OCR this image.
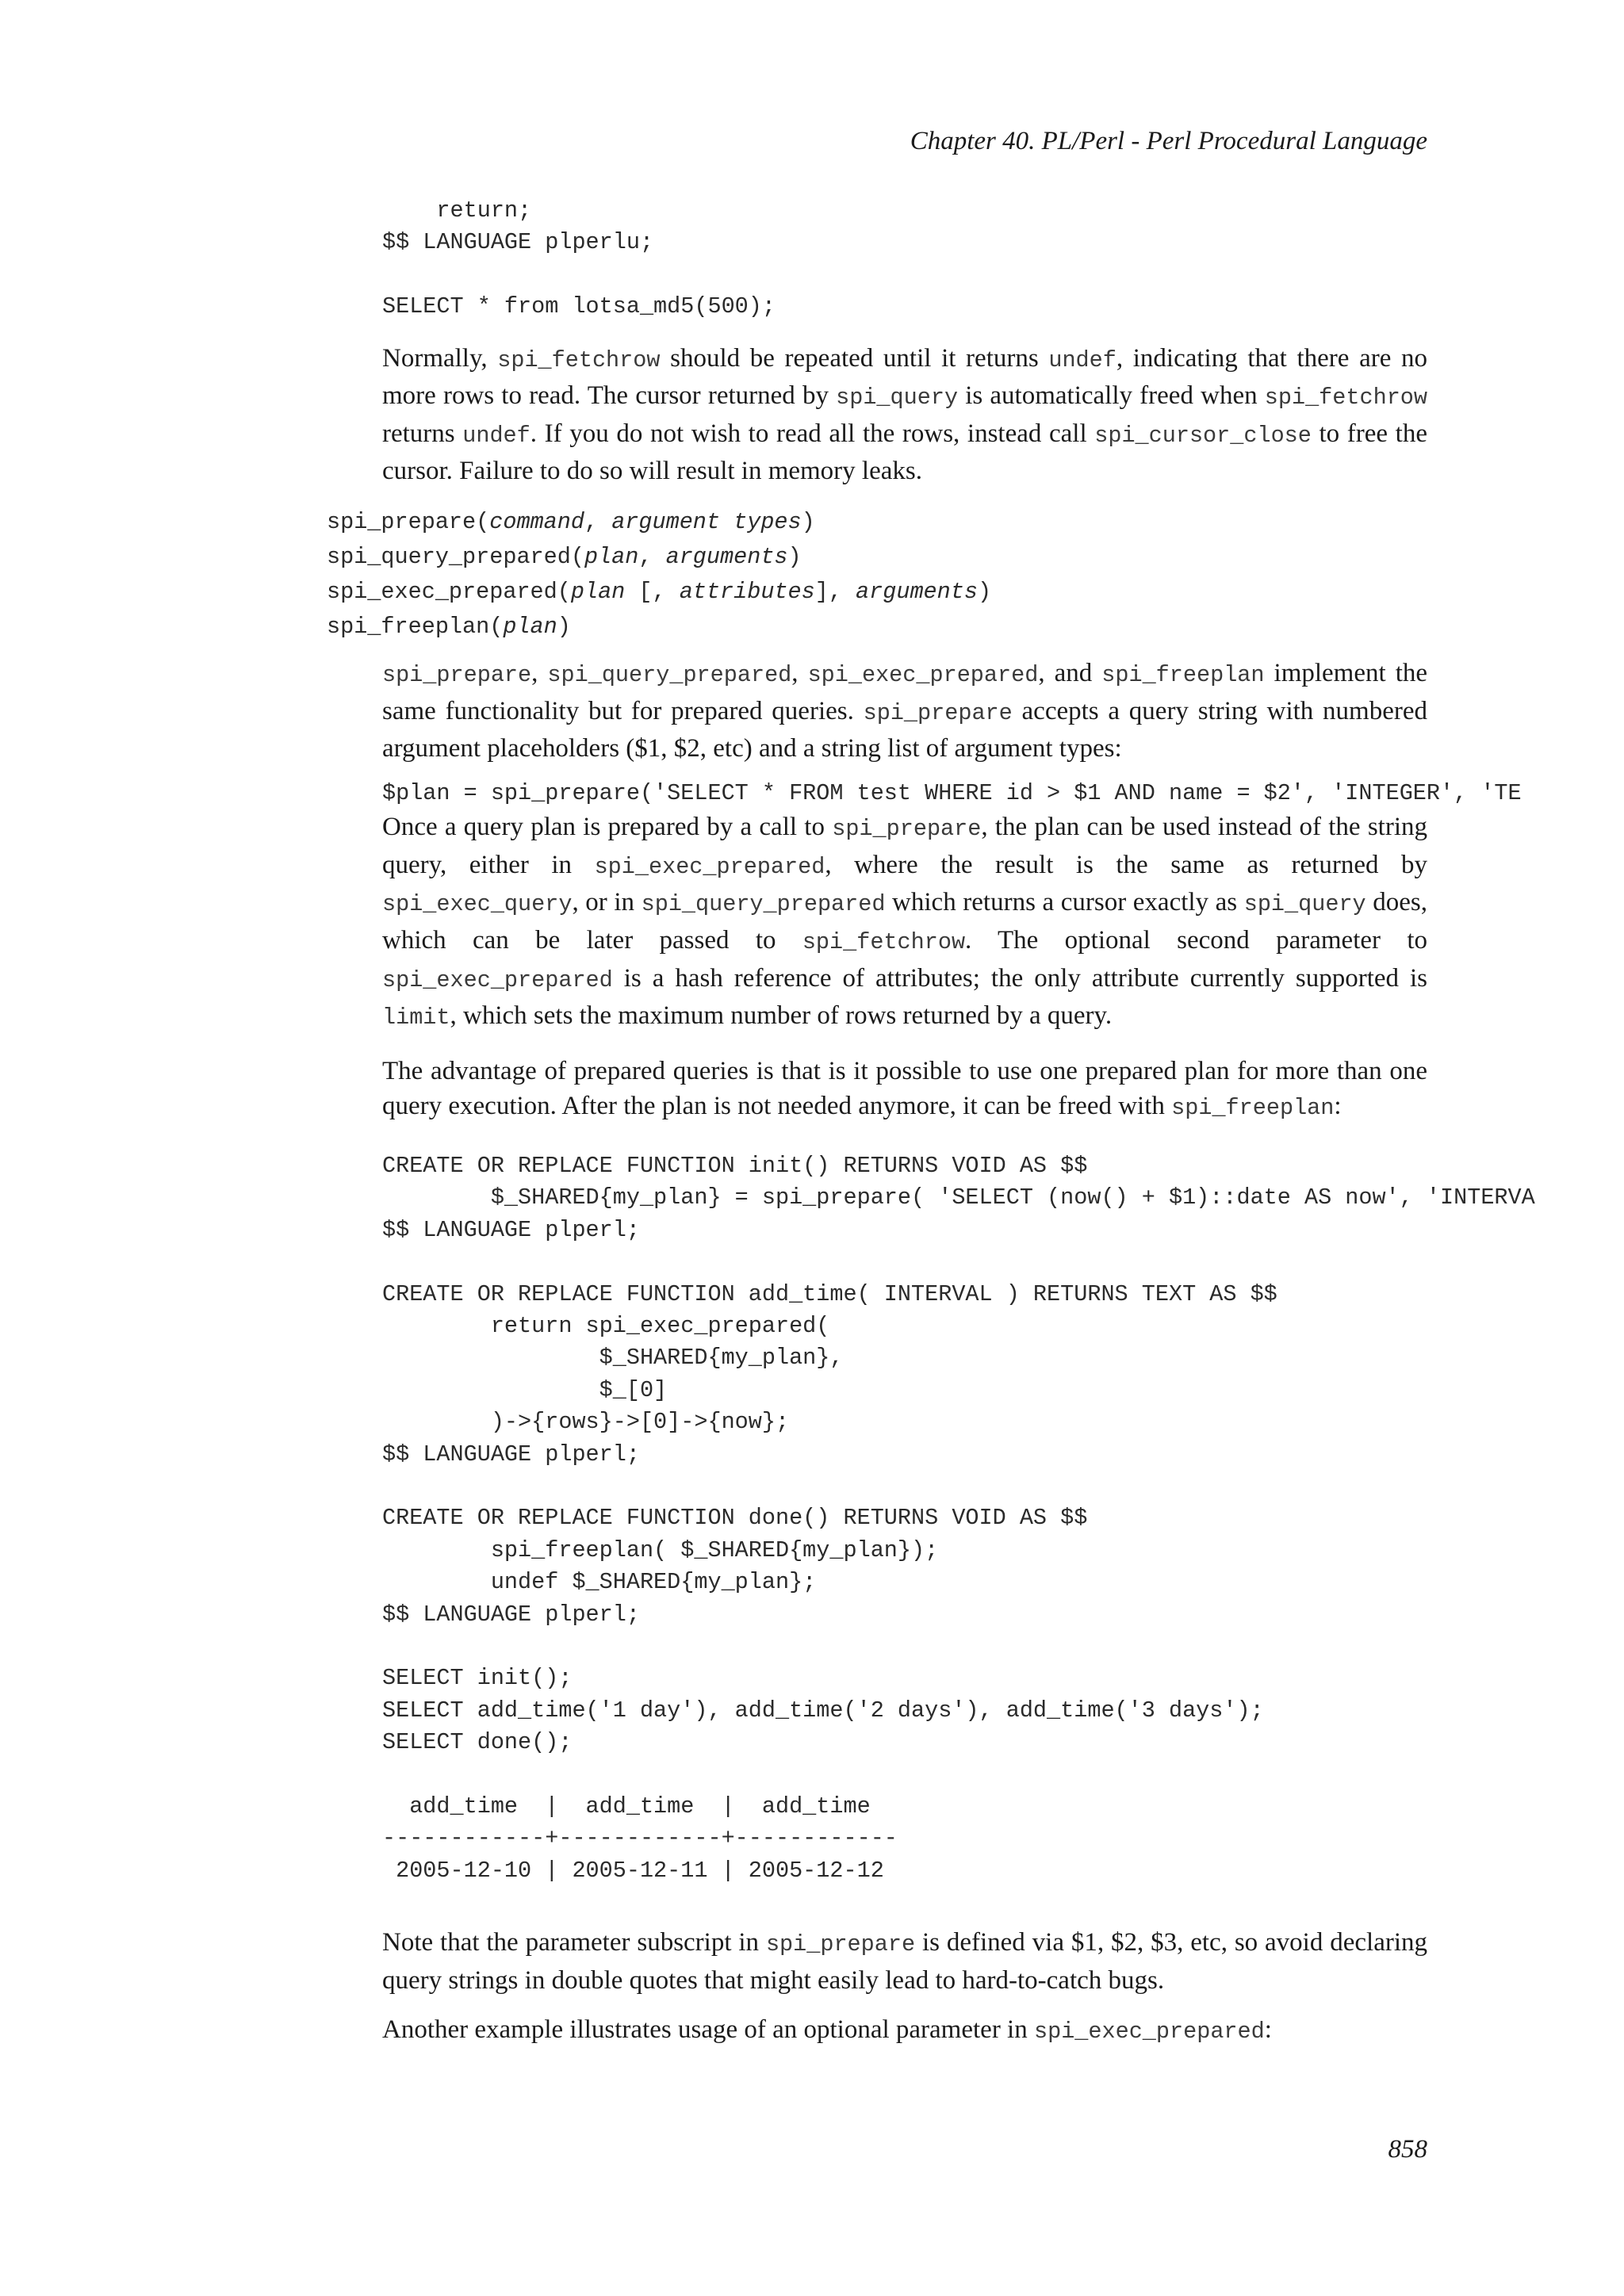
Chapter 40. PL/Perl - Perl Procedural Language
return;
$$ LANGUAGE plperlu;

SELECT * from lotsa_md5(500);

Normally, spi_fetchrow should be repeated until it returns undef, indicating that there are no more rows to read. The cursor returned by spi_query is automatically freed when spi_fetchrow returns undef. If you do not wish to read all the rows, instead call spi_cursor_close to free the cursor. Failure to do so will result in memory leaks.

spi_prepare(command, argument types)

spi_query_prepared(plan, arguments)

spi_exec_prepared(plan [, attributes], arguments)

spi_freeplan(plan)

spi_prepare, spi_query_prepared, spi_exec_prepared, and spi_freeplan implement the same functionality but for prepared queries. spi_prepare accepts a query string with numbered argument placeholders ($1, $2, etc) and a string list of argument types:

$plan = spi_prepare('SELECT * FROM test WHERE id > $1 AND name = $2', 'INTEGER', 'TE

Once a query plan is prepared by a call to spi_prepare, the plan can be used instead of the string query, either in spi_exec_prepared, where the result is the same as returned by spi_exec_query, or in spi_query_prepared which returns a cursor exactly as spi_query does, which can be later passed to spi_fetchrow. The optional second parameter to spi_exec_prepared is a hash reference of attributes; the only attribute currently supported is limit, which sets the maximum number of rows returned by a query.

The advantage of prepared queries is that is it possible to use one prepared plan for more than one query execution. After the plan is not needed anymore, it can be freed with spi_freeplan:

CREATE OR REPLACE FUNCTION init() RETURNS VOID AS $$
$_SHARED{my_plan} = spi_prepare( 'SELECT (now() + $1)::date AS now', 'INTERVA
$$ LANGUAGE plperl;

CREATE OR REPLACE FUNCTION add_time( INTERVAL ) RETURNS TEXT AS $$
return spi_exec_prepared(
$_SHARED{my_plan},
$_[0]
)->{rows}->[0]->{now};
$$ LANGUAGE plperl;

CREATE OR REPLACE FUNCTION done() RETURNS VOID AS $$
spi_freeplan( $_SHARED{my_plan});
undef $_SHARED{my_plan};
$$ LANGUAGE plperl;

SELECT init();
SELECT add_time('1 day'), add_time('2 days'), add_time('3 days');
SELECT done();

add_time  |  add_time  |  add_time
------------+------------+------------
2005-12-10 | 2005-12-11 | 2005-12-12

Note that the parameter subscript in spi_prepare is defined via $1, $2, $3, etc, so avoid declaring query strings in double quotes that might easily lead to hard-to-catch bugs.

Another example illustrates usage of an optional parameter in spi_exec_prepared:

858
